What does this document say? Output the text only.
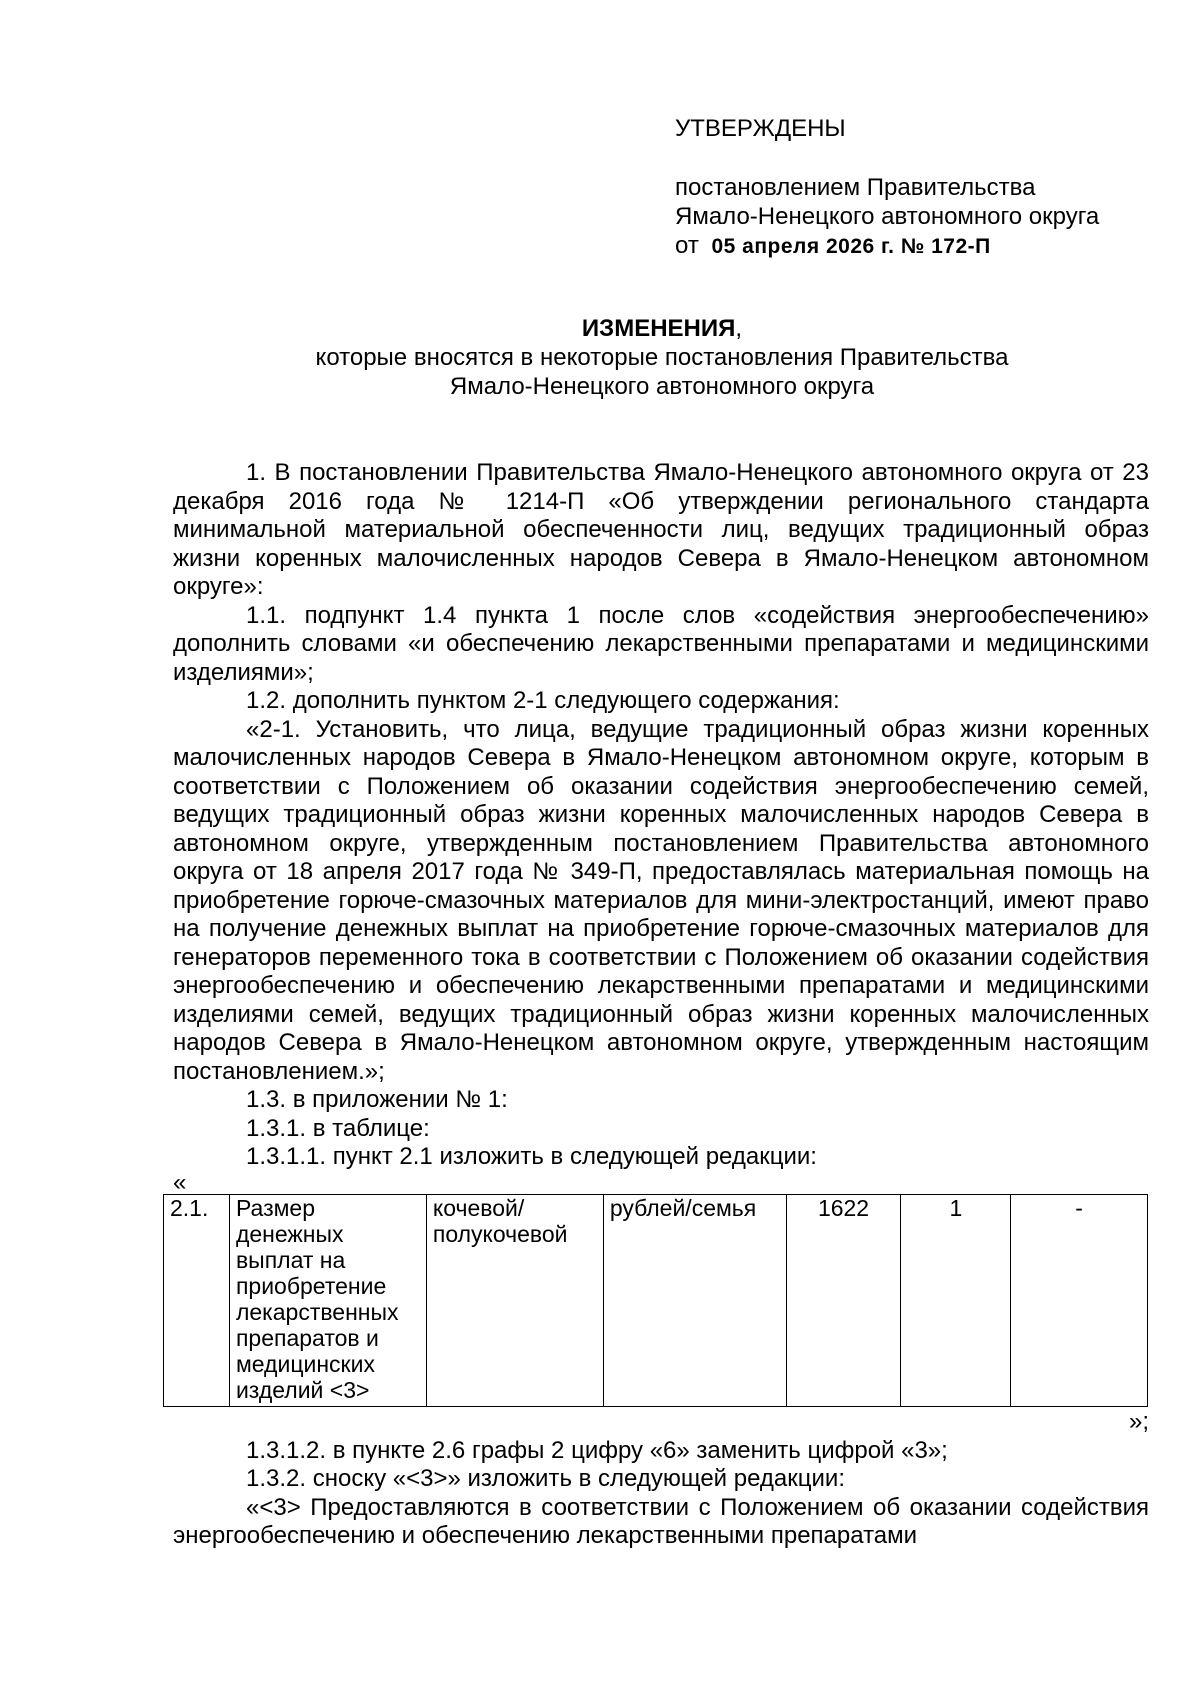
УТВЕРЖДЕНЫ
постановлением Правительства
Ямало-Ненецкого автономного округа
от 05 апреля 2026 г. № 172-П
ИЗМЕНЕНИЯ,
которые вносятся в некоторые постановления Правительства
Ямало-Ненецкого автономного округа

1. В постановлении Правительства Ямало-Ненецкого автономного округа от 23 декабря 2016 года № 1214-П «Об утверждении регионального стандарта минимальной материальной обеспеченности лиц, ведущих традиционный образ жизни коренных малочисленных народов Севера в Ямало-Ненецком автономном округе»:

1.1. подпункт 1.4 пункта 1 после слов «содействия энергообеспечению» дополнить словами «и обеспечению лекарственными препаратами и медицинскими изделиями»;

1.2. дополнить пунктом 2-1 следующего содержания:

«2-1. Установить, что лица, ведущие традиционный образ жизни коренных малочисленных народов Севера в Ямало-Ненецком автономном округе, которым в соответствии с Положением об оказании содействия энергообеспечению семей, ведущих традиционный образ жизни коренных малочисленных народов Севера в автономном округе, утвержденным постановлением Правительства автономного округа от 18 апреля 2017 года № 349-П, предоставлялась материальная помощь на приобретение горюче-смазочных материалов для мини-электростанций, имеют право на получение денежных выплат на приобретение горюче-смазочных материалов для генераторов переменного тока в соответствии с Положением об оказании содействия энергообеспечению и обеспечению лекарственными препаратами и медицинскими изделиями семей, ведущих традиционный образ жизни коренных малочисленных народов Севера в Ямало-Ненецком автономном округе, утвержденным настоящим постановлением.»;

1.3. в приложении № 1:

1.3.1. в таблице:

1.3.1.1. пункт 2.1 изложить в следующей редакции:

«

2.1.	Размер денежных выплат на приобретение лекарственных препаратов и медицинских изделий <3>	кочевой/ полукочевой	рублей/семья	1622	1	-

»;

1.3.1.2. в пункте 2.6 графы 2 цифру «6» заменить цифрой «3»;

1.3.2. сноску «<3>» изложить в следующей редакции:

«<3> Предоставляются в соответствии с Положением об оказании содействия энергообеспечению и обеспечению лекарственными препаратами
